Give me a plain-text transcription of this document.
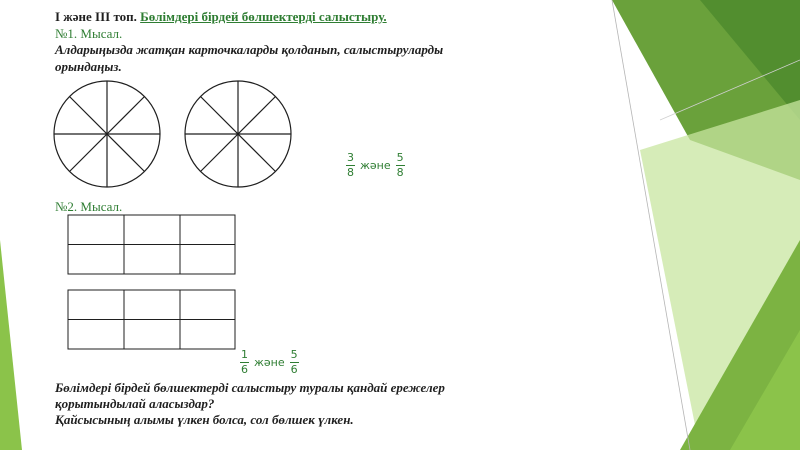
І және ІІІ топ. Бөлімдері бірдей бөлшектерді салыстыру.
№1. Мысал.
Алдарыңызда жатқан карточкаларды қолданып, салыстыруларды
орындаңыз.
$\frac{3}{8}$ және $\frac{5}{8}$
№2. Мысал.
$\frac{1}{6}$ және $\frac{5}{6}$
Бөлімдері бірдей бөлшектерді салыстыру туралы қандай ережелер
қорытындылай аласыздар?
Қайсысының алымы үлкен болса, сол бөлшек үлкен.
